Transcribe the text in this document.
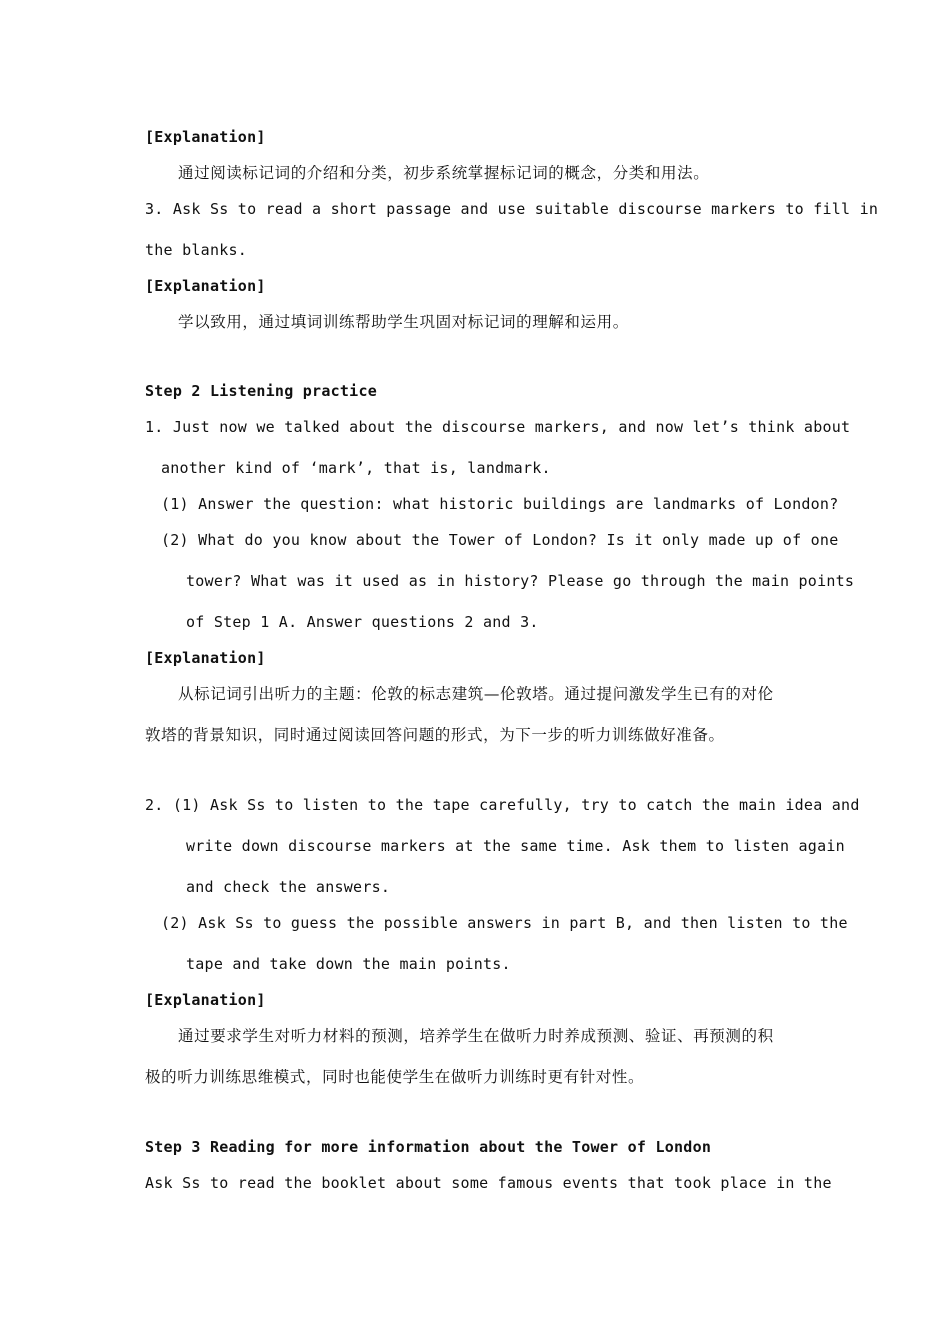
[Explanation]
通过阅读标记词的介绍和分类，初步系统掌握标记词的概念，分类和用法。
3. Ask Ss to read a short passage and use suitable discourse markers to fill in
the blanks.
[Explanation]
学以致用，通过填词训练帮助学生巩固对标记词的理解和运用。
Step 2 Listening practice
1. Just now we talked about the discourse markers, and now let’s think about
another kind of ‘mark’, that is, landmark.
(1) Answer the question: what historic buildings are landmarks of London?
(2) What do you know about the Tower of London? Is it only made up of one
tower? What was it used as in history? Please go through the main points
of Step 1 A. Answer questions 2 and 3.
[Explanation]
从标记词引出听力的主题：伦敦的标志建筑—伦敦塔。通过提问激发学生已有的对伦
敦塔的背景知识，同时通过阅读回答问题的形式，为下一步的听力训练做好准备。
2. (1) Ask Ss to listen to the tape carefully, try to catch the main idea and
write down discourse markers at the same time. Ask them to listen again
and check the answers.
(2) Ask Ss to guess the possible answers in part B, and then listen to the
tape and take down the main points.
[Explanation]
通过要求学生对听力材料的预测，培养学生在做听力时养成预测、验证、再预测的积
极的听力训练思维模式，同时也能使学生在做听力训练时更有针对性。
Step 3 Reading for more information about the Tower of London
Ask Ss to read the booklet about some famous events that took place in the
